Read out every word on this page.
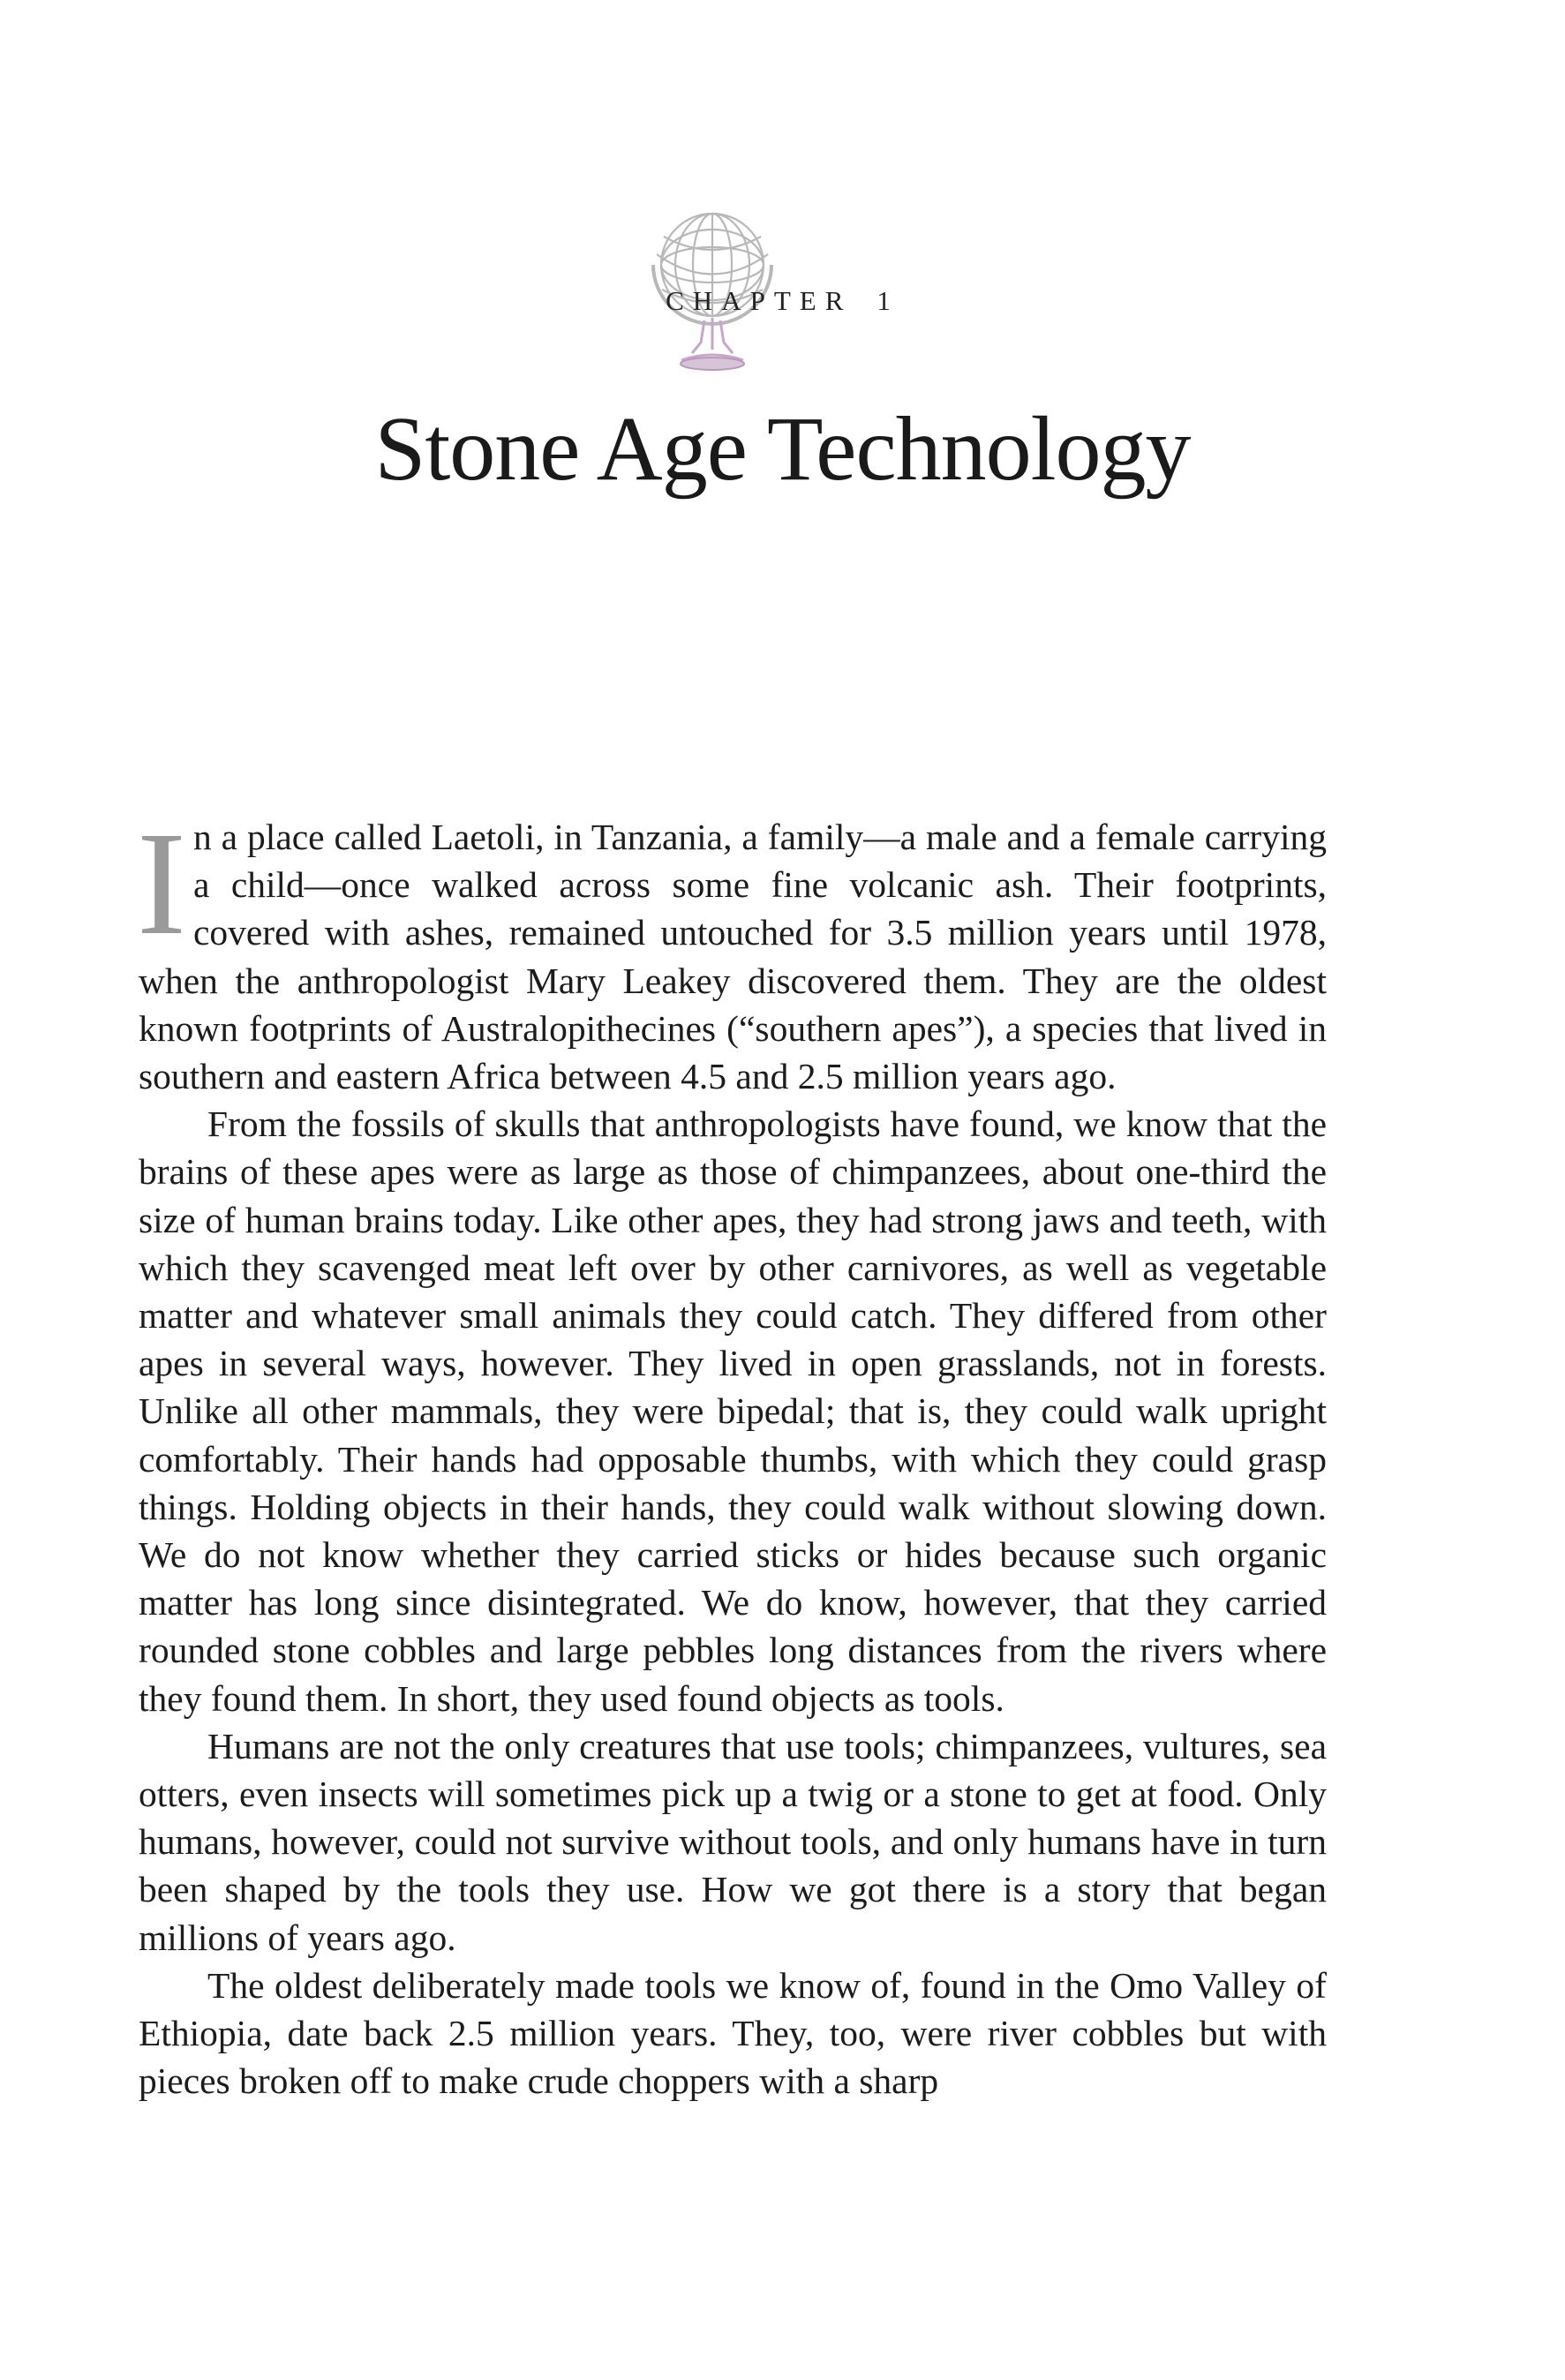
CHAPTER 1
Stone Age Technology

In a place called Laetoli, in Tanzania, a family—a male and a female carrying a child—once walked across some fine volcanic ash. Their footprints, covered with ashes, remained untouched for 3.5 million years until 1978, when the anthropologist Mary Leakey discovered them. They are the oldest known footprints of Australopithecines (“southern apes”), a species that lived in southern and eastern Africa between 4.5 and 2.5 million years ago.

From the fossils of skulls that anthropologists have found, we know that the brains of these apes were as large as those of chimpanzees, about one-third the size of human brains today. Like other apes, they had strong jaws and teeth, with which they scavenged meat left over by other carnivores, as well as vegetable matter and whatever small animals they could catch. They differed from other apes in several ways, however. They lived in open grasslands, not in forests. Unlike all other mammals, they were bipedal; that is, they could walk upright comfortably. Their hands had opposable thumbs, with which they could grasp things. Holding objects in their hands, they could walk without slowing down. We do not know whether they carried sticks or hides because such organic matter has long since disintegrated. We do know, however, that they carried rounded stone cobbles and large pebbles long distances from the rivers where they found them. In short, they used found objects as tools.

Humans are not the only creatures that use tools; chimpanzees, vultures, sea otters, even insects will sometimes pick up a twig or a stone to get at food. Only humans, however, could not survive without tools, and only humans have in turn been shaped by the tools they use. How we got there is a story that began millions of years ago.

The oldest deliberately made tools we know of, found in the Omo Valley of Ethiopia, date back 2.5 million years. They, too, were river cobbles but with pieces broken off to make crude choppers with a sharp
